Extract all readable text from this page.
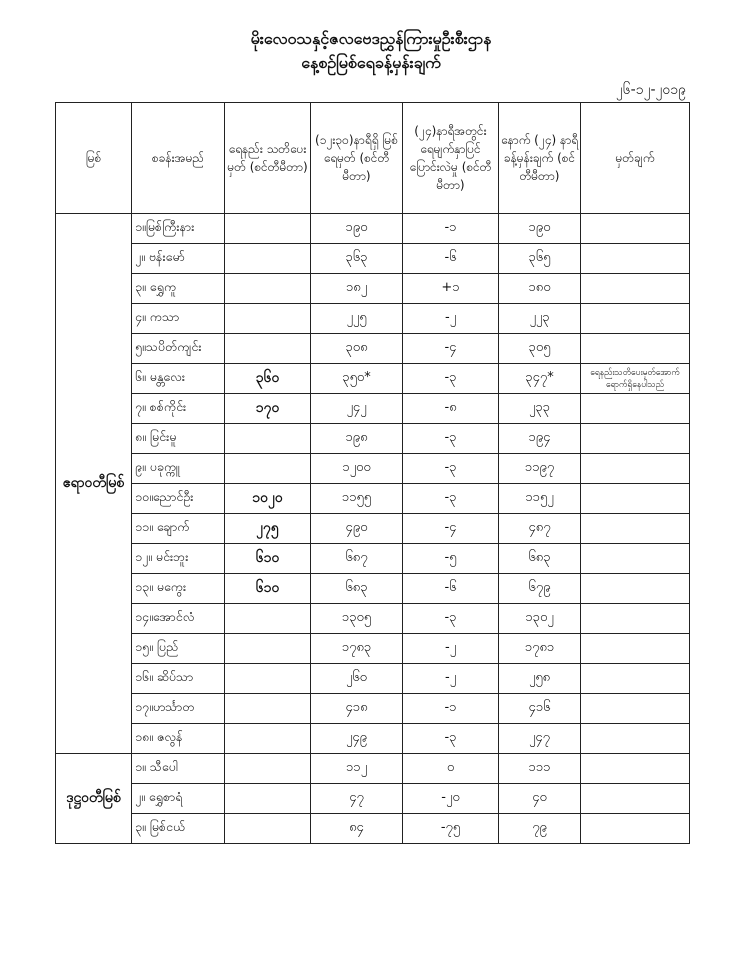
မိုးလေဝသနှင့်ဇလဗေဒညွှန်ကြားမှုဦးစီးဌာန
နေ့စဉ်မြစ်ရေခန့်မှန်းချက်
၂၆-၁၂-၂၀၁၉
မြစ်	စခန်းအမည်	ရေနည်း သတိပေးမှတ် (စင်တီမီတာ)	(၁၂း၃၀)နာရီရှိ မြစ်ရေမှတ် (စင်တီမီတာ)	(၂၄)နာရီအတွင်း ရေမျက်နှာပြင် ပြောင်းလဲမှု (စင်တီမီတာ)	နောက် (၂၄) နာရီ ခန့်မှန်းချက် (စင်တီမီတာ)	မှတ်ချက်
ဧရာဝတီမြစ်	၁။မြစ်ကြီးနား		၁၉၀	-၁	၁၉၀	
	၂။ ဗန်းမော်		၃၆၃	-၆	၃၆၅	
	၃။ ရွှေကူ		၁၈၂	+၁	၁၈၀	
	၄။ ကသာ		၂၂၅	-၂	၂၂၃	
	၅။သပိတ်ကျင်း		၃၀၈	-၄	၃၀၅	
	၆။ မန္တလေး	၃၆၀	၃၅၀*	-၃	၃၄၇*	ရေနည်းသတိပေးမှတ်အောက် ရောက်ရှိနေပါသည်
	၇။ စစ်ကိုင်း	၁၇၀	၂၄၂	-၈	၂၃၃	
	၈။ မြင်းမူ		၁၉၈	-၃	၁၉၄	
	၉။ ပခုက္ကူ		၁၂၀၀	-၃	၁၁၉၇	
	၁၀။ညောင်ဦး	၁၀၂၀	၁၁၅၅	-၃	၁၁၅၂	
	၁၁။ ချောက်	၂၇၅	၄၉၀	-၄	၄၈၇	
	၁၂။ မင်းဘူး	၆၁၀	၆၈၇	-၅	၆၈၃	
	၁၃။ မကွေး	၆၁၀	၆၈၃	-၆	၆၇၉	
	၁၄။အောင်လံ		၁၃၀၅	-၃	၁၃၀၂	
	၁၅။ ပြည်		၁၇၈၃	-၂	၁၇၈၁	
	၁၆။ ဆိပ်သာ		၂၆၀	-၂	၂၅၈	
	၁၇။ဟင်္သာတ		၄၁၈	-၁	၄၁၆	
	၁၈။ ဇလွန်		၂၄၉	-၃	၂၄၇	
ဒုဋ္ဌဝတီမြစ်	၁။ သီပေါ		၁၁၂	၀	၁၁၁	
	၂။ ရွှေစာရံ		၄၇	-၂၀	၄၀	
	၃။ မြစ်ငယ်		၈၄	-၇၅	၇၉	
